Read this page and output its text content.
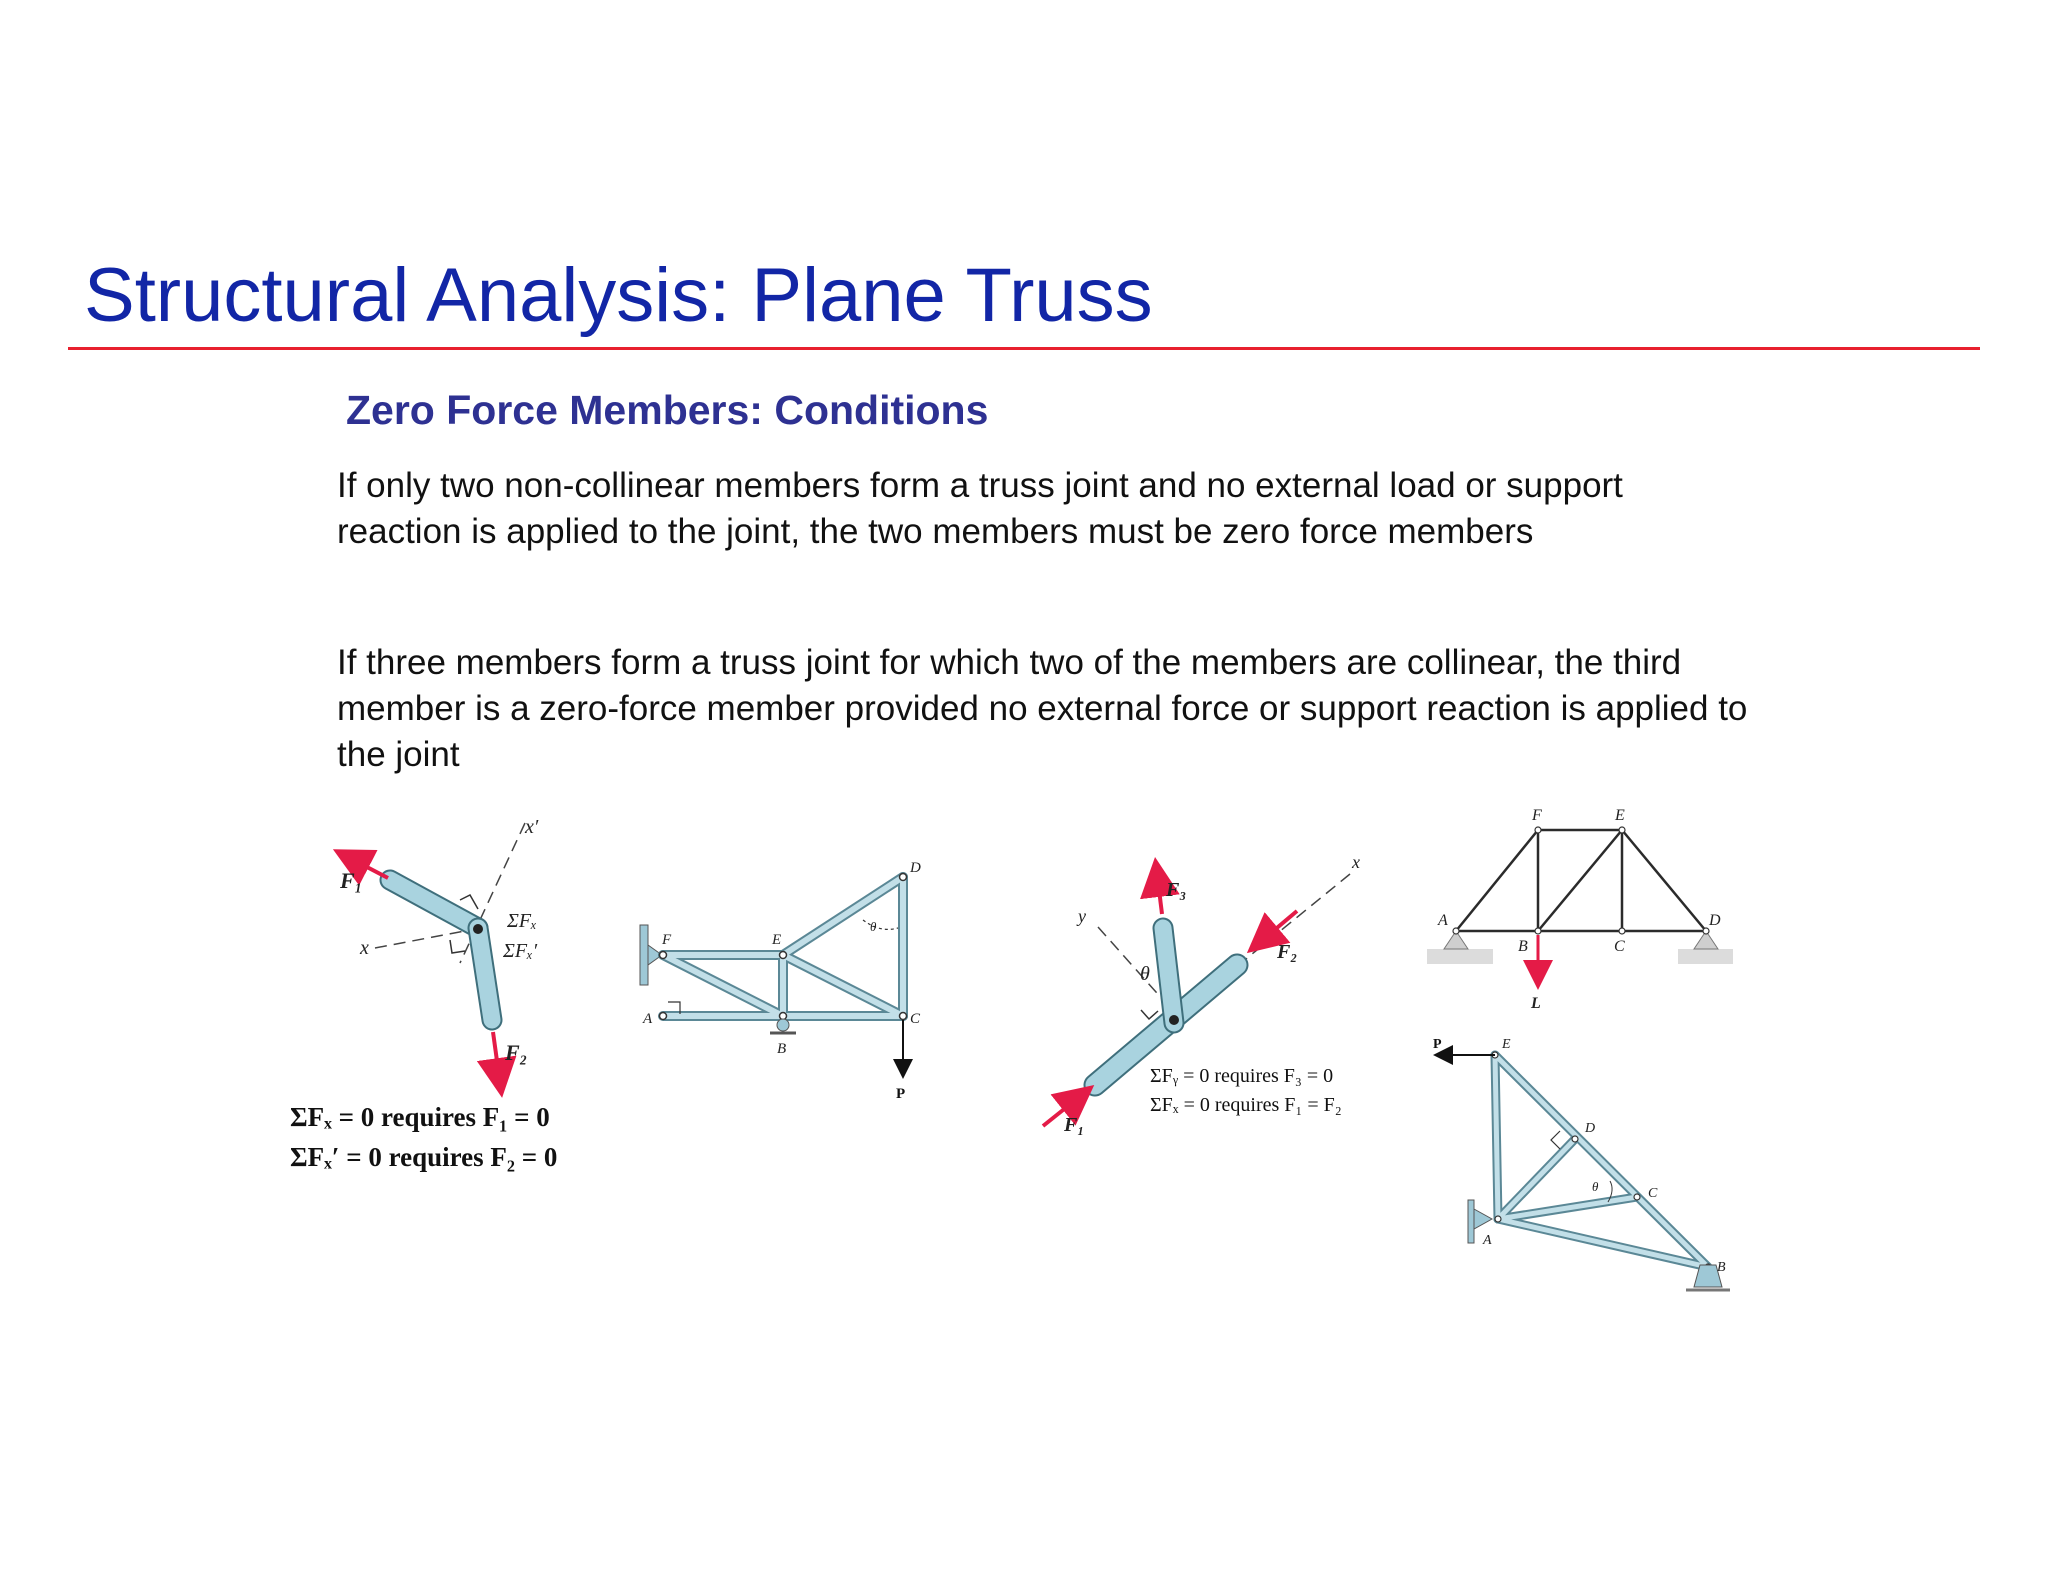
Structural Analysis: Plane Truss
Zero Force Members: Conditions
If only two non-collinear members form a truss joint and no external load or support reaction is applied to the joint, the two members must be zero force members
If three members form a truss joint for which two of the members are collinear, the third member is a zero-force member provided no external force or support reaction is applied to the joint
x′
x
F₁
F₂
ΣFₓ
ΣFₓ′
ΣFₓ = 0 requires F₁ = 0
ΣFₓ′ = 0 requires F₂ = 0
A
B
C
D
E
F
θ
P
x
y
θ
F₁
F₂
F₃
ΣFᵧ = 0 requires F₃ = 0
ΣFₓ = 0 requires F₁ = F₂
A
B	C
D
E
F
L
P
A
B
C
D
E
θ
